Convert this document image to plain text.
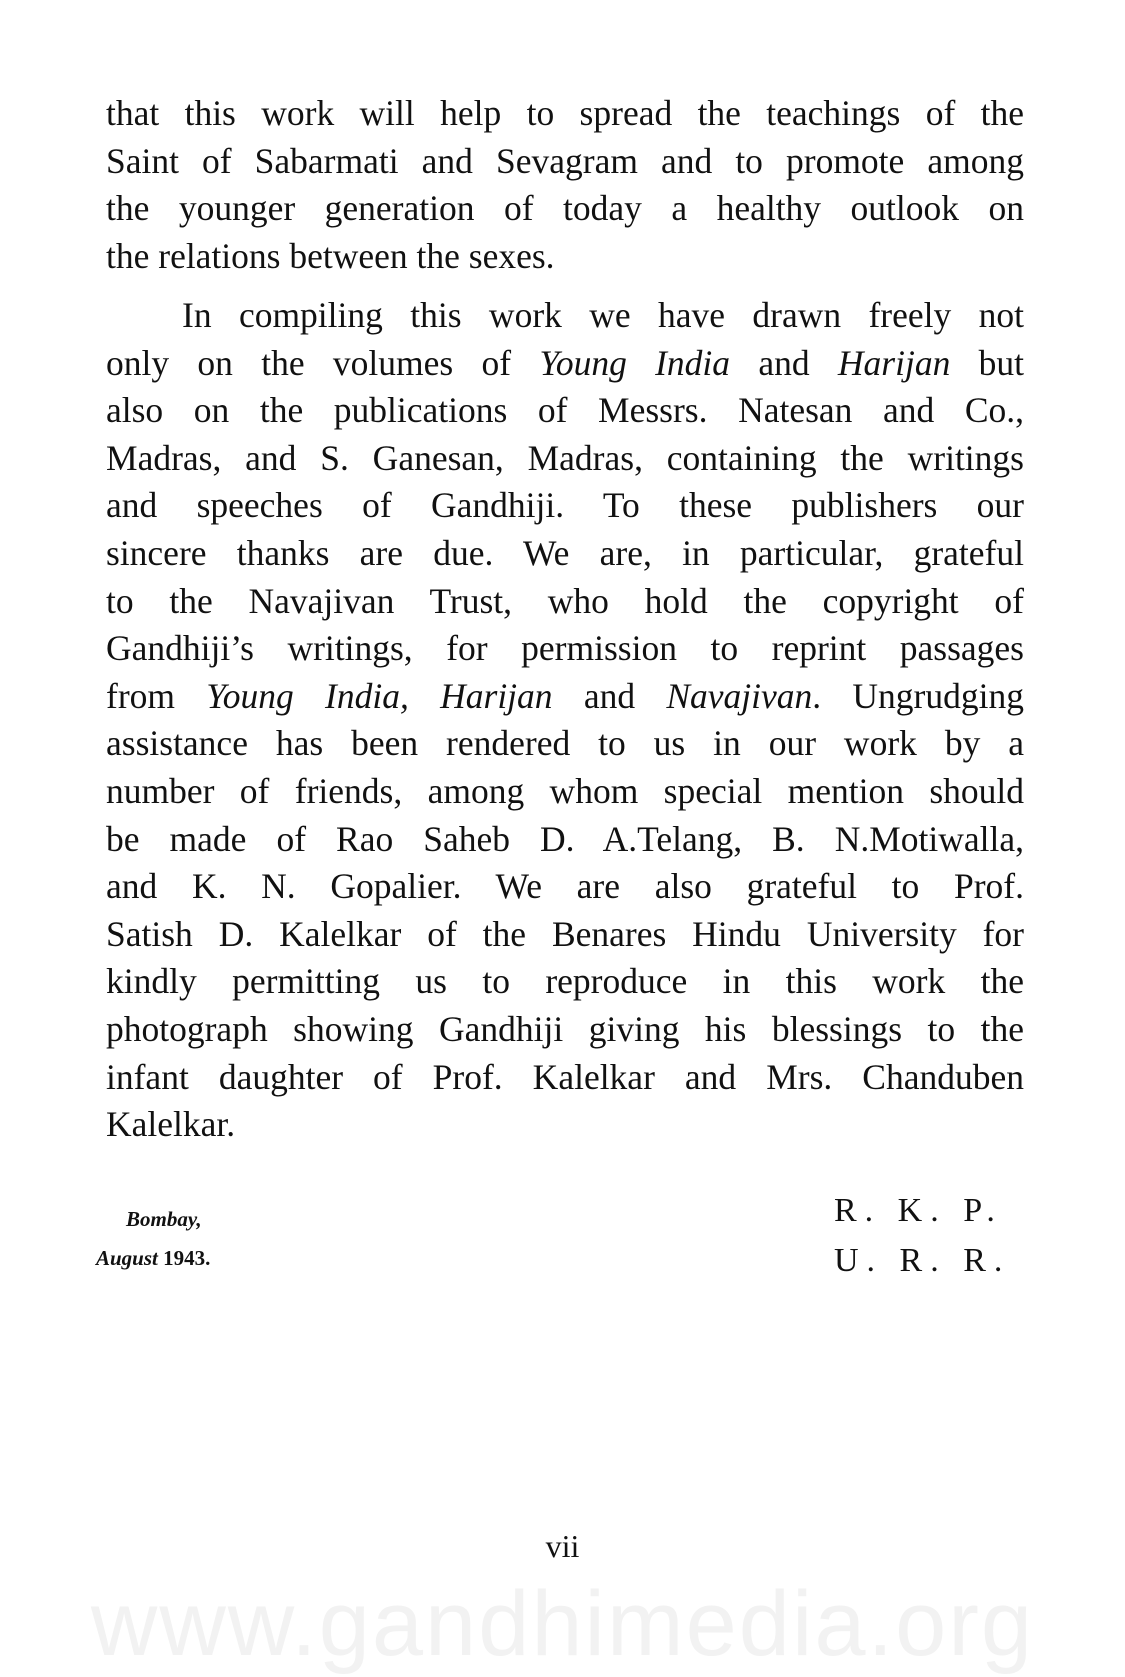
that this work will help to spread the teachings of the
Saint of Sabarmati and Sevagram and to promote among
the younger generation of today a healthy outlook on
the relations between the sexes.
In compiling this work we have drawn freely not
only on the volumes of Young India and Harijan but
also on the publications of Messrs. Natesan and Co.,
Madras, and S. Ganesan, Madras, containing the writings
and speeches of Gandhiji. To these publishers our
sincere thanks are due. We are, in particular, grateful
to the Navajivan Trust, who hold the copyright of
Gandhiji’s writings, for permission to reprint passages
from Young India, Harijan and Navajivan. Ungrudging
assistance has been rendered to us in our work by a
number of friends, among whom special mention should
be made of Rao Saheb D. A.Telang, B. N.Motiwalla,
and K. N. Gopalier. We are also grateful to Prof.
Satish D. Kalelkar of the Benares Hindu University for
kindly permitting us to reproduce in this work the
photograph showing Gandhiji giving his blessings to the
infant daughter of Prof. Kalelkar and Mrs. Chanduben
Kalelkar.
Bombay,
August 1943.
R. K. P.
U. R. R.
vii
www.gandhimedia.org
